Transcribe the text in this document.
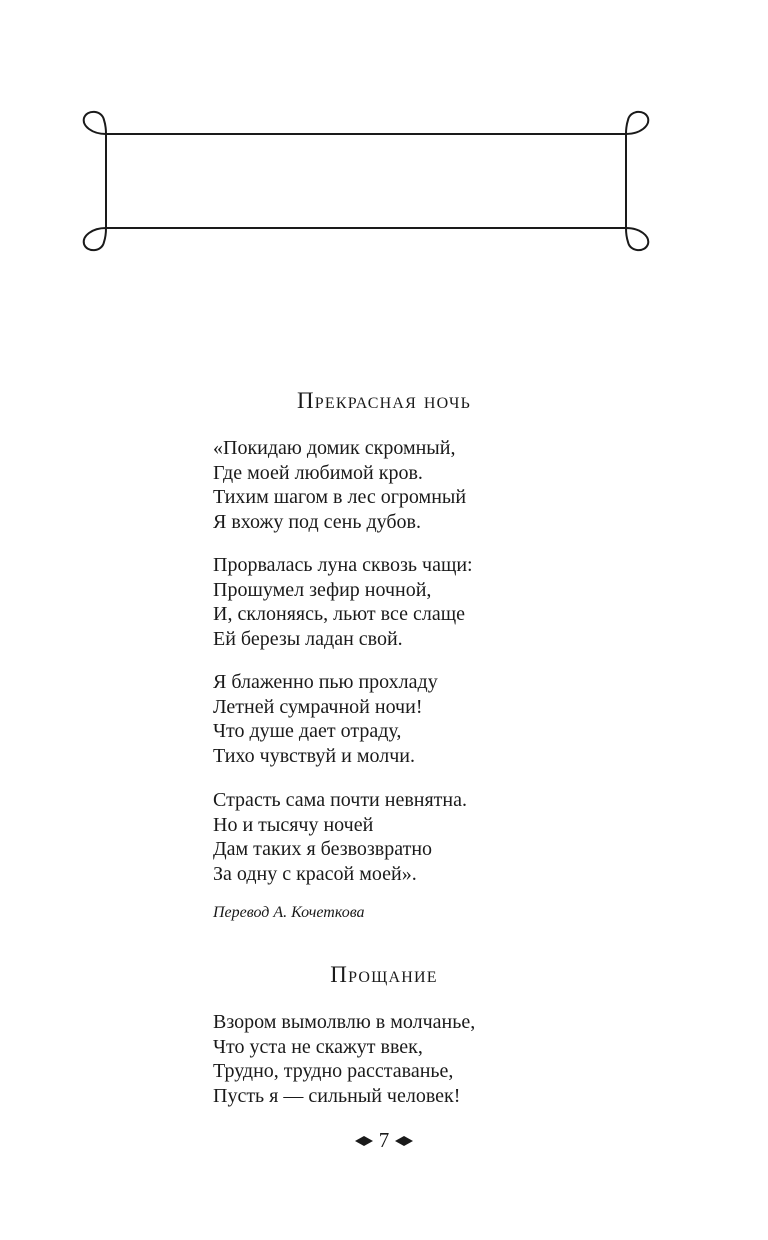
Прекрасная ночь

«Покидаю домик скромный,
Где моей любимой кров.
Тихим шагом в лес огромный
Я вхожу под сень дубов.

Прорвалась луна сквозь чащи:
Прошумел зефир ночной,
И, склоняясь, льют все слаще
Ей березы ладан свой.

Я блаженно пью прохладу
Летней сумрачной ночи!
Что душе дает отраду,
Тихо чувствуй и молчи.

Страсть сама почти невнятна.
Но и тысячу ночей
Дам таких я безвозвратно
За одну с красой моей».

Перевод А. Кочеткова

Прощание

Взором вымолвлю в молчанье,
Что уста не скажут ввек,
Трудно, трудно расставанье,
Пусть я — сильный человек!

7
